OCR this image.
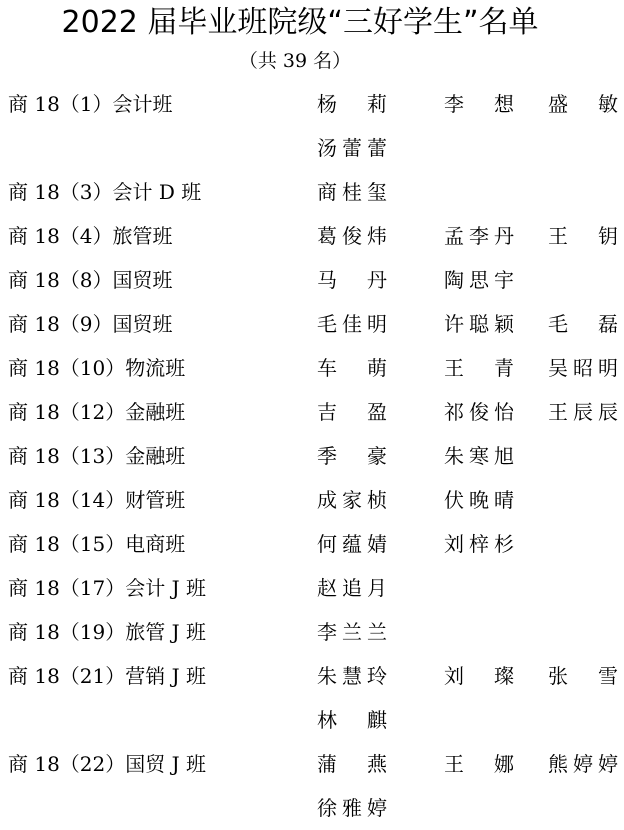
2022 届毕业班院级“三好学生”名单
（共 39 名）
商 18（1）会计班	杨莉	李想 盛敏
汤蕾蕾
商 18（3）会计 D 班	商桂玺
商 18（4）旅管班	葛俊炜	孟李丹 王钥
商 18（8）国贸班	马丹	陶思宇
商 18（9）国贸班	毛佳明	许聪颖 毛磊
商 18（10）物流班	车萌	王青 吴昭明
商 18（12）金融班	吉盈	祁俊怡 王辰辰
商 18（13）金融班	季豪	朱寒旭
商 18（14）财管班	成家桢	伏晚晴
商 18（15）电商班	何蕴婧	刘梓杉
商 18（17）会计 J 班	赵追月
商 18（19）旅管 J 班	李兰兰
商 18（21）营销 J 班	朱慧玲	刘璨 张雪
林麒
商 18（22）国贸 J 班	蒲燕	王娜 熊婷婷
徐雅婷
